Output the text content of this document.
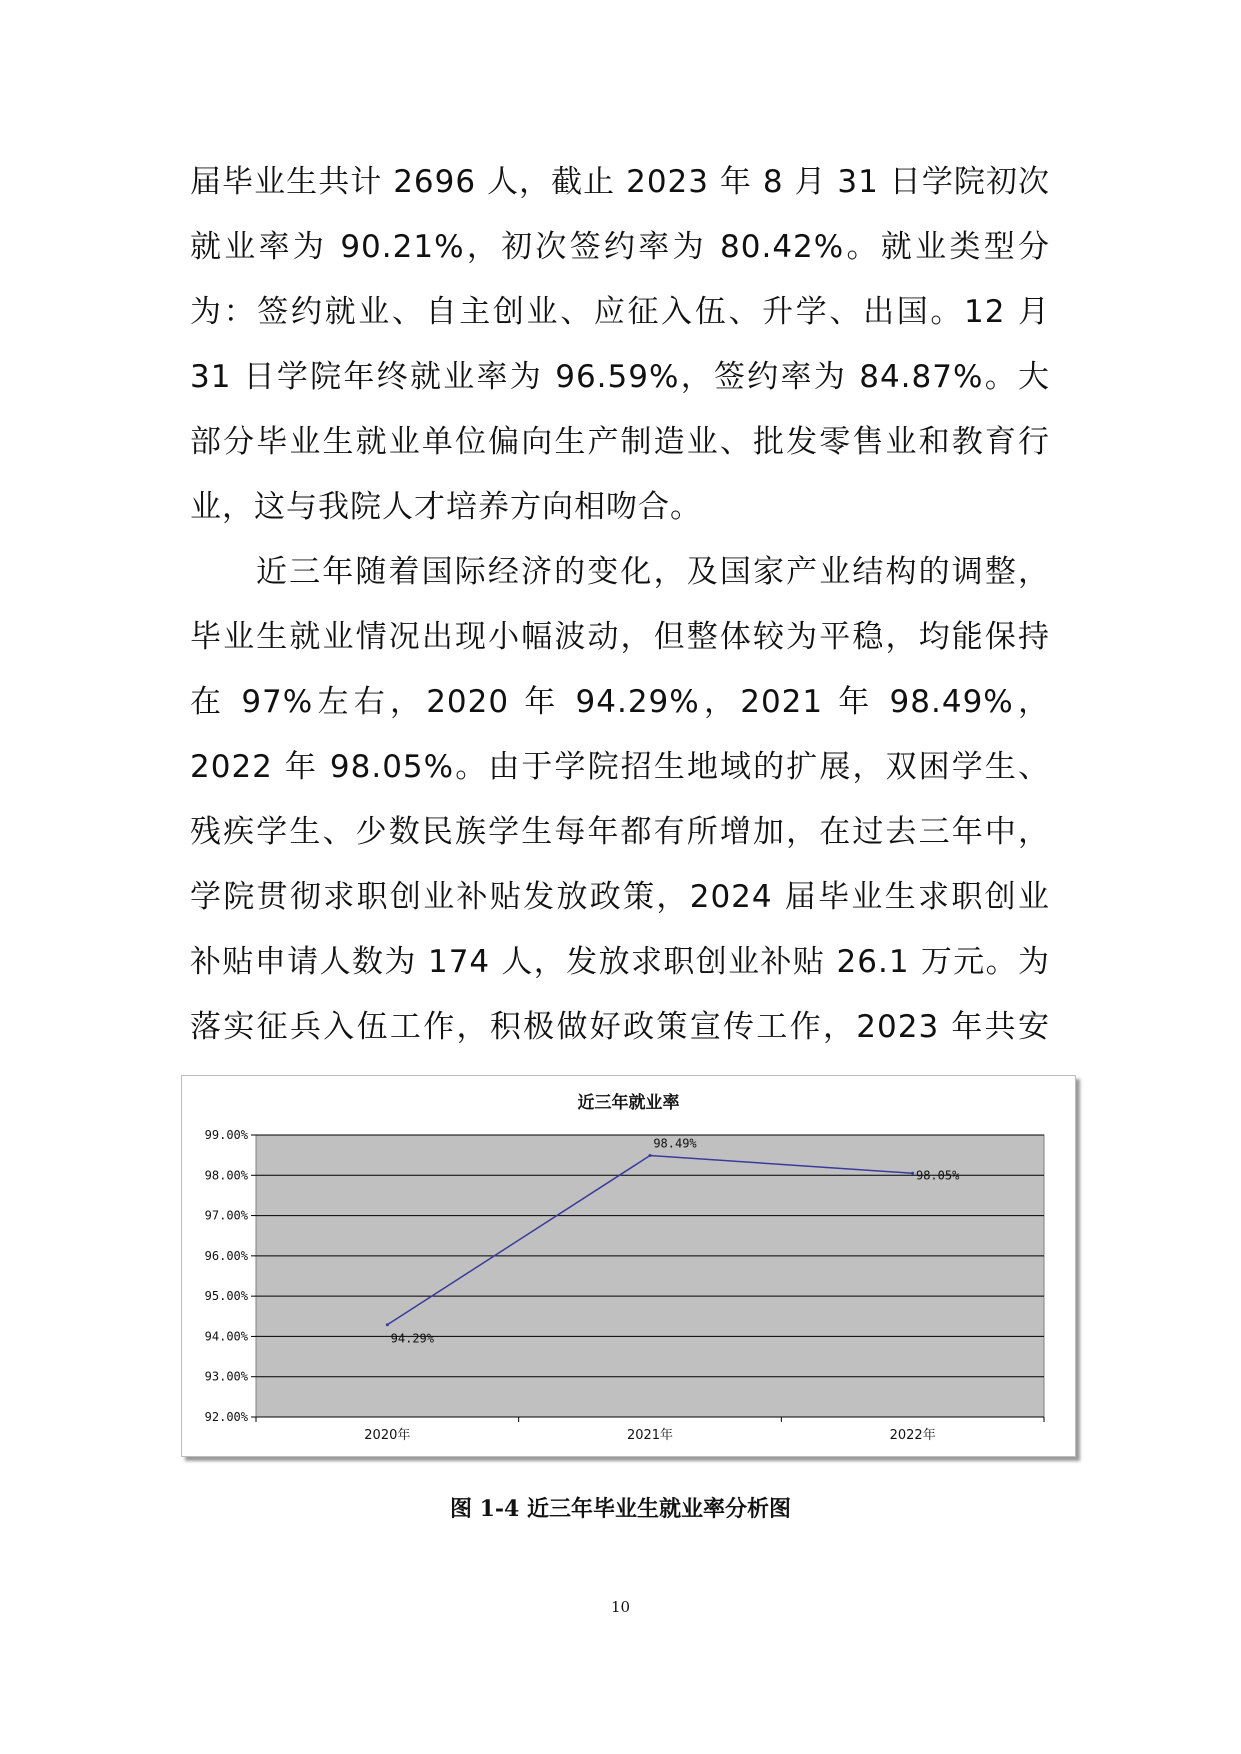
届毕业生共计 2696 人，截止 2023 年 8 月 31 日学院初次就业率为 90.21%，初次签约率为 80.42%。就业类型分为：签约就业、自主创业、应征入伍、升学、出国。12 月 31 日学院年终就业率为 96.59%，签约率为 84.87%。大部分毕业生就业单位偏向生产制造业、批发零售业和教育行业，这与我院人才培养方向相吻合。

近三年随着国际经济的变化，及国家产业结构的调整，毕业生就业情况出现小幅波动，但整体较为平稳，均能保持在 97%左右，2020 年 94.29%，2021 年 98.49%，2022 年 98.05%。由于学院招生地域的扩展，双困学生、残疾学生、少数民族学生每年都有所增加，在过去三年中，学院贯彻求职创业补贴发放政策，2024 届毕业生求职创业补贴申请人数为 174 人，发放求职创业补贴 26.1 万元。为落实征兵入伍工作，积极做好政策宣传工作，2023 年共安

近三年就业率
92.00%
93.00%
94.00%
95.00%
96.00%
97.00%
98.00%
99.00%
2020年	2021年	2022年
94.29%
98.49%
98.05%
图 1-4 近三年毕业生就业率分析图
10
